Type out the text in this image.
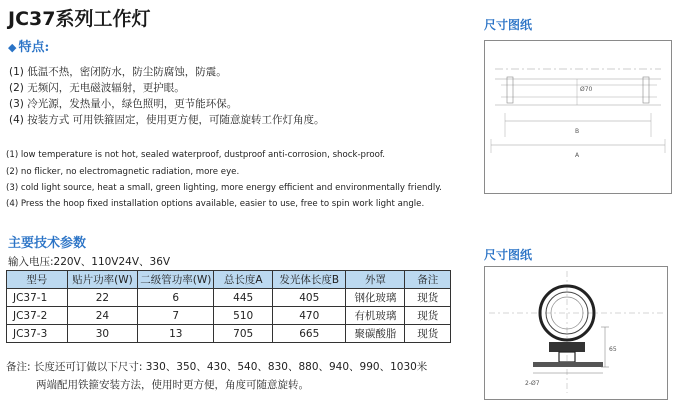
JC37系列工作灯
◆ 特点:
(1) 低温不热，密闭防水，防尘防腐蚀，防震。
(2) 无频闪，无电磁波辐射，更护眼。
(3) 冷光源，发热量小，绿色照明，更节能环保。
(4) 按装方式 可用铁箍固定，使用更方便，可随意旋转工作灯角度。
(1) low temperature is not hot, sealed waterproof, dustproof anti-corrosion, shock-proof.
(2) no flicker, no electromagnetic radiation, more eye.
(3) cold light source, heat a small, green lighting, more energy efficient and environmentally friendly.
(4) Press the hoop fixed installation options available, easier to use, free to spin work light angle.
主要技术参数
输入电压:220V、110V24V、36V
型号	贴片功率(W)	二级管功率(W)	总长度A	发光体长度B	外罩	备注
JC37-1	22	6	445	405	钢化玻璃	现货
JC37-2	24	7	510	470	有机玻璃	现货
JC37-3	30	13	705	665	聚碳酸脂	现货
备注: 长度还可订做以下尺寸: 330、350、430、540、830、880、940、990、1030米
两端配用铁箍安装方法，使用时更方便，角度可随意旋转。
尺寸图纸
Ø70
B
A
尺寸图纸
65
2-Ø7
